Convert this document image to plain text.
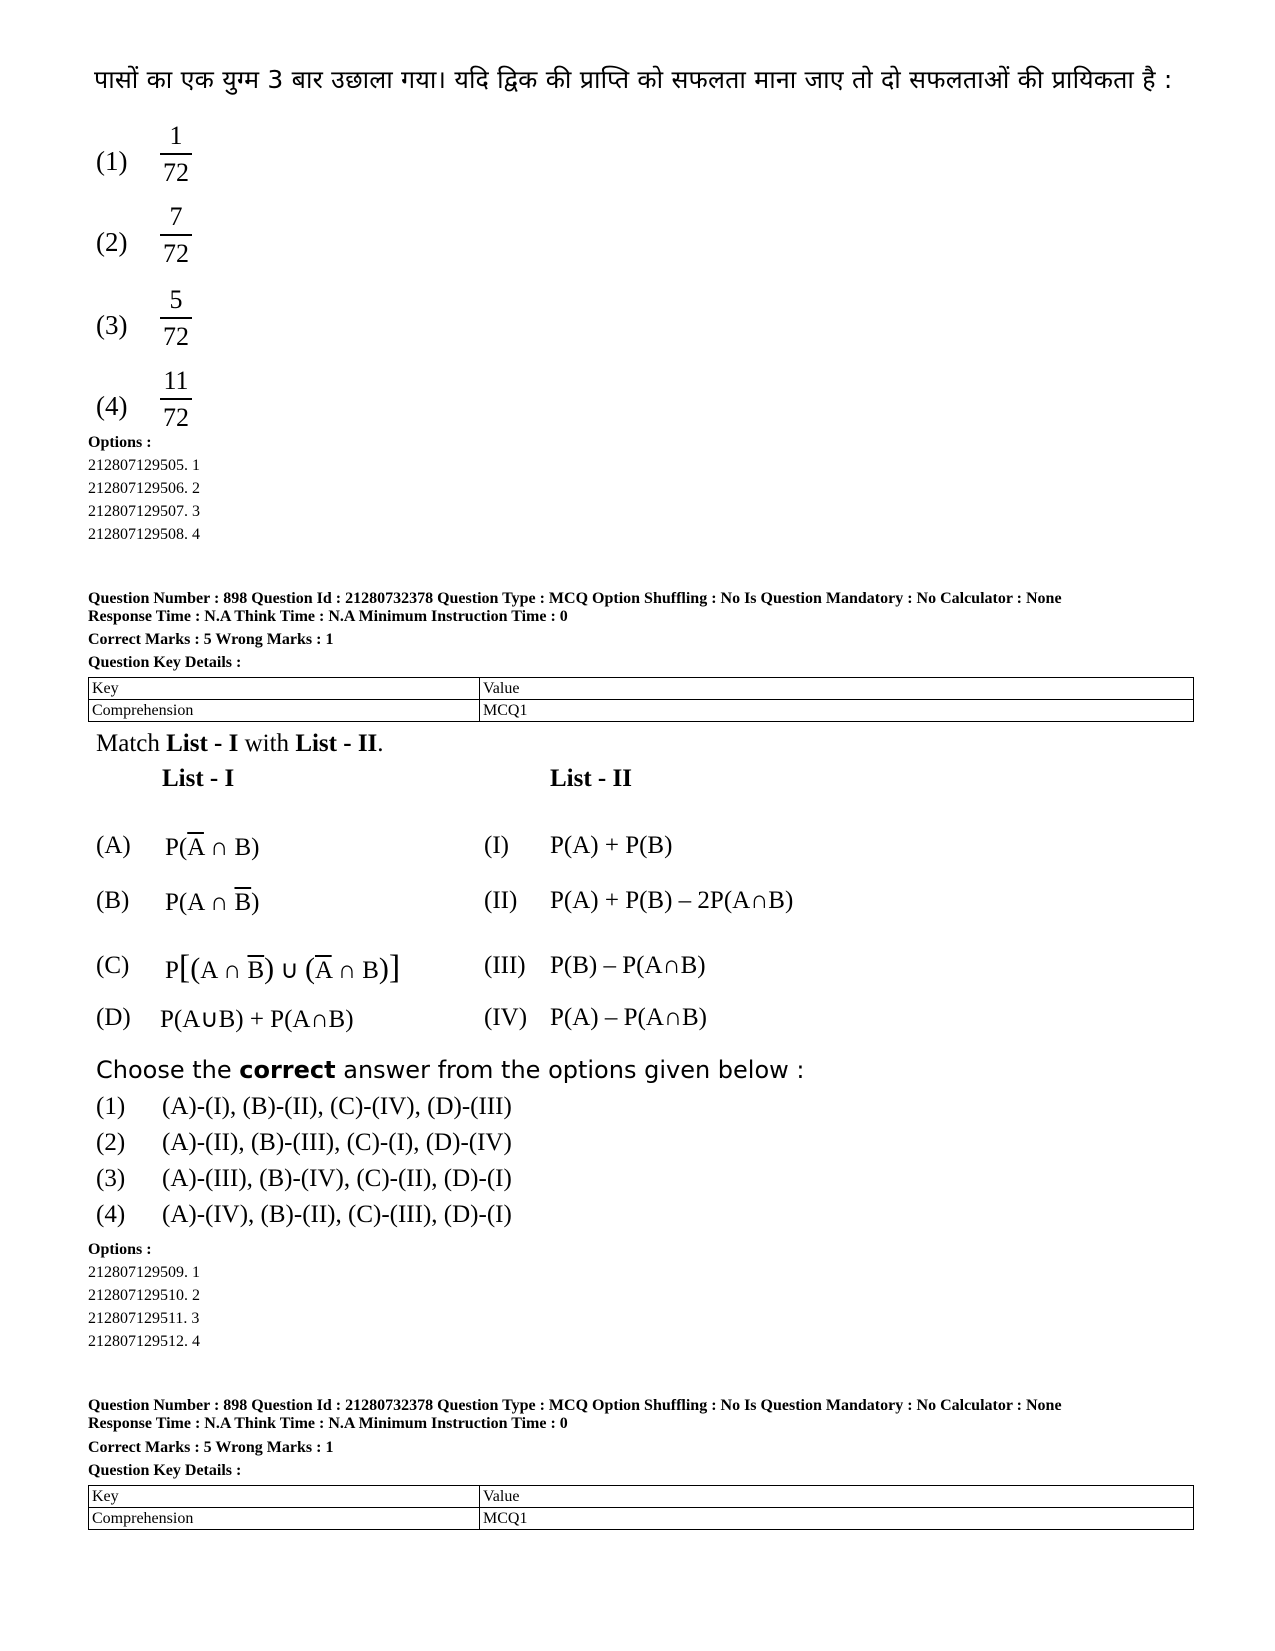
पासों का एक युग्म 3 बार उछाला गया। यदि द्विक की प्राप्ति को सफलता माना जाए तो दो सफलताओं की प्रायिकता है :
(1)
1
72
(2)
7
72
(3)
5
72
(4)
11
72
Options :
212807129505. 1
212807129506. 2
212807129507. 3
212807129508. 4
Question Number : 898 Question Id : 21280732378 Question Type : MCQ Option Shuffling : No Is Question Mandatory : No Calculator : None
Response Time : N.A Think Time : N.A Minimum Instruction Time : 0
Correct Marks : 5 Wrong Marks : 1
Question Key Details :
Key	Value
Comprehension	MCQ1
Match List - I with List - II.
List - I	List - II
(A) $P(\overline{A}$ ∩ B)	(I) P(A) + P(B)
(B) P(A ∩ $\overline{B}$)	(II) P(A) + P(B) – 2P(A∩B)
(C) P[(A ∩ $\overline{B}$) ∪ ($\overline{A}$ ∩ B)]	(III) P(B) – P(A∩B)
(D) P(A∪B) + P(A∩B)	(IV) P(A) – P(A∩B)
Choose the correct answer from the options given below :
(1) (A)-(I), (B)-(II), (C)-(IV), (D)-(III)
(2) (A)-(II), (B)-(III), (C)-(I), (D)-(IV)
(3) (A)-(III), (B)-(IV), (C)-(II), (D)-(I)
(4) (A)-(IV), (B)-(II), (C)-(III), (D)-(I)
Options :
212807129509. 1
212807129510. 2
212807129511. 3
212807129512. 4
Question Number : 898 Question Id : 21280732378 Question Type : MCQ Option Shuffling : No Is Question Mandatory : No Calculator : None
Response Time : N.A Think Time : N.A Minimum Instruction Time : 0
Correct Marks : 5 Wrong Marks : 1
Question Key Details :
Key	Value
Comprehension	MCQ1
